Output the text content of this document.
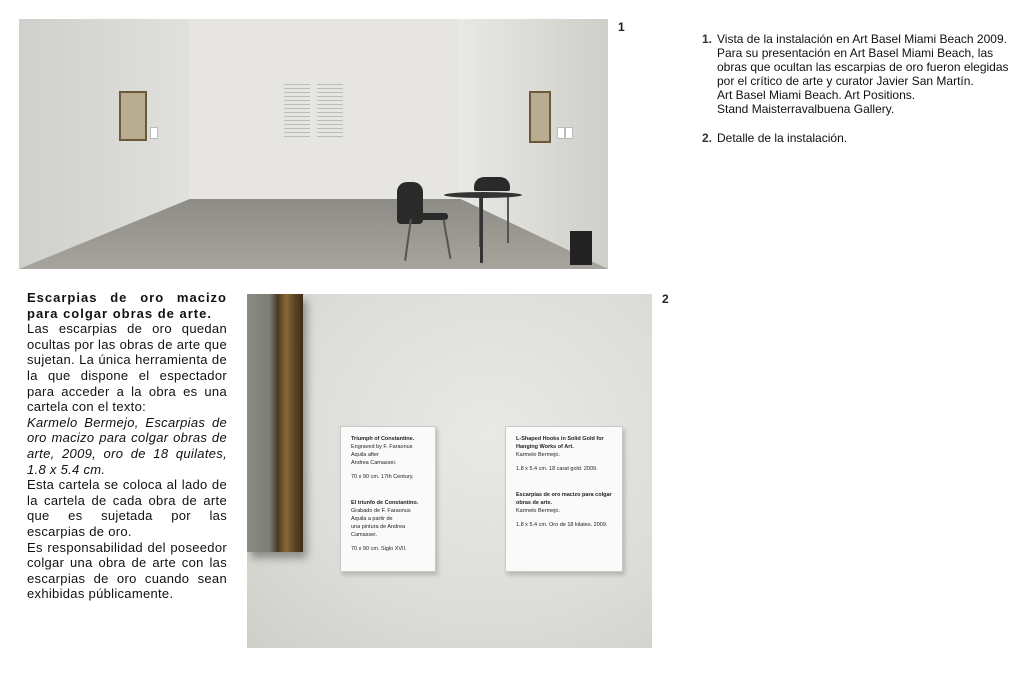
1
1. Vista de la instalación en Art Basel Miami Beach 2009.
Para su presentación en Art Basel Miami Beach, las
obras que ocultan las escarpias de oro fueron elegidas
por el crítico de arte y curator Javier San Martín.
Art Basel Miami Beach. Art Positions.
Stand Maisterravalbuena Gallery.
2. Detalle de la instalación.

Escarpias de oro macizo para colgar obras de arte.

Las escarpias de oro quedan ocultas por las obras de arte que sujetan. La única herramienta de la que dispone el espectador para acceder a la obra es una cartela con el texto:

Karmelo Bermejo, Escarpias de oro macizo para colgar obras de arte, 2009, oro de 18 quilates, 1.8 x 5.4 cm.

Esta cartela se coloca al lado de la cartela de cada obra de arte que es sujetada por las escarpias de oro.

Es responsabilidad del poseedor colgar una obra de arte con las escarpias de oro cuando sean exhibidas públicamente.

Triumph of Constantine.

Engraved by F. Faraonus Aquila after

Andrea Camassei.

70 x 90 cm. 17th Century.

El triunfo de Constantino.

Grabado de F. Faraonus Aquila a partir de

una pintura de Andrea Camassei.

70 x 90 cm. Siglo XVII.

L-Shaped Hooks in Solid Gold for

Hanging Works of Art.

Karmelo Bermejo.

1.8 x 5.4 cm. 18 carat gold. 2009.

Escarpias de oro macizo para colgar

obras de arte.

Karmelo Bermejo.

1.8 x 5.4 cm. Oro de 18 kilates. 2009.

2
